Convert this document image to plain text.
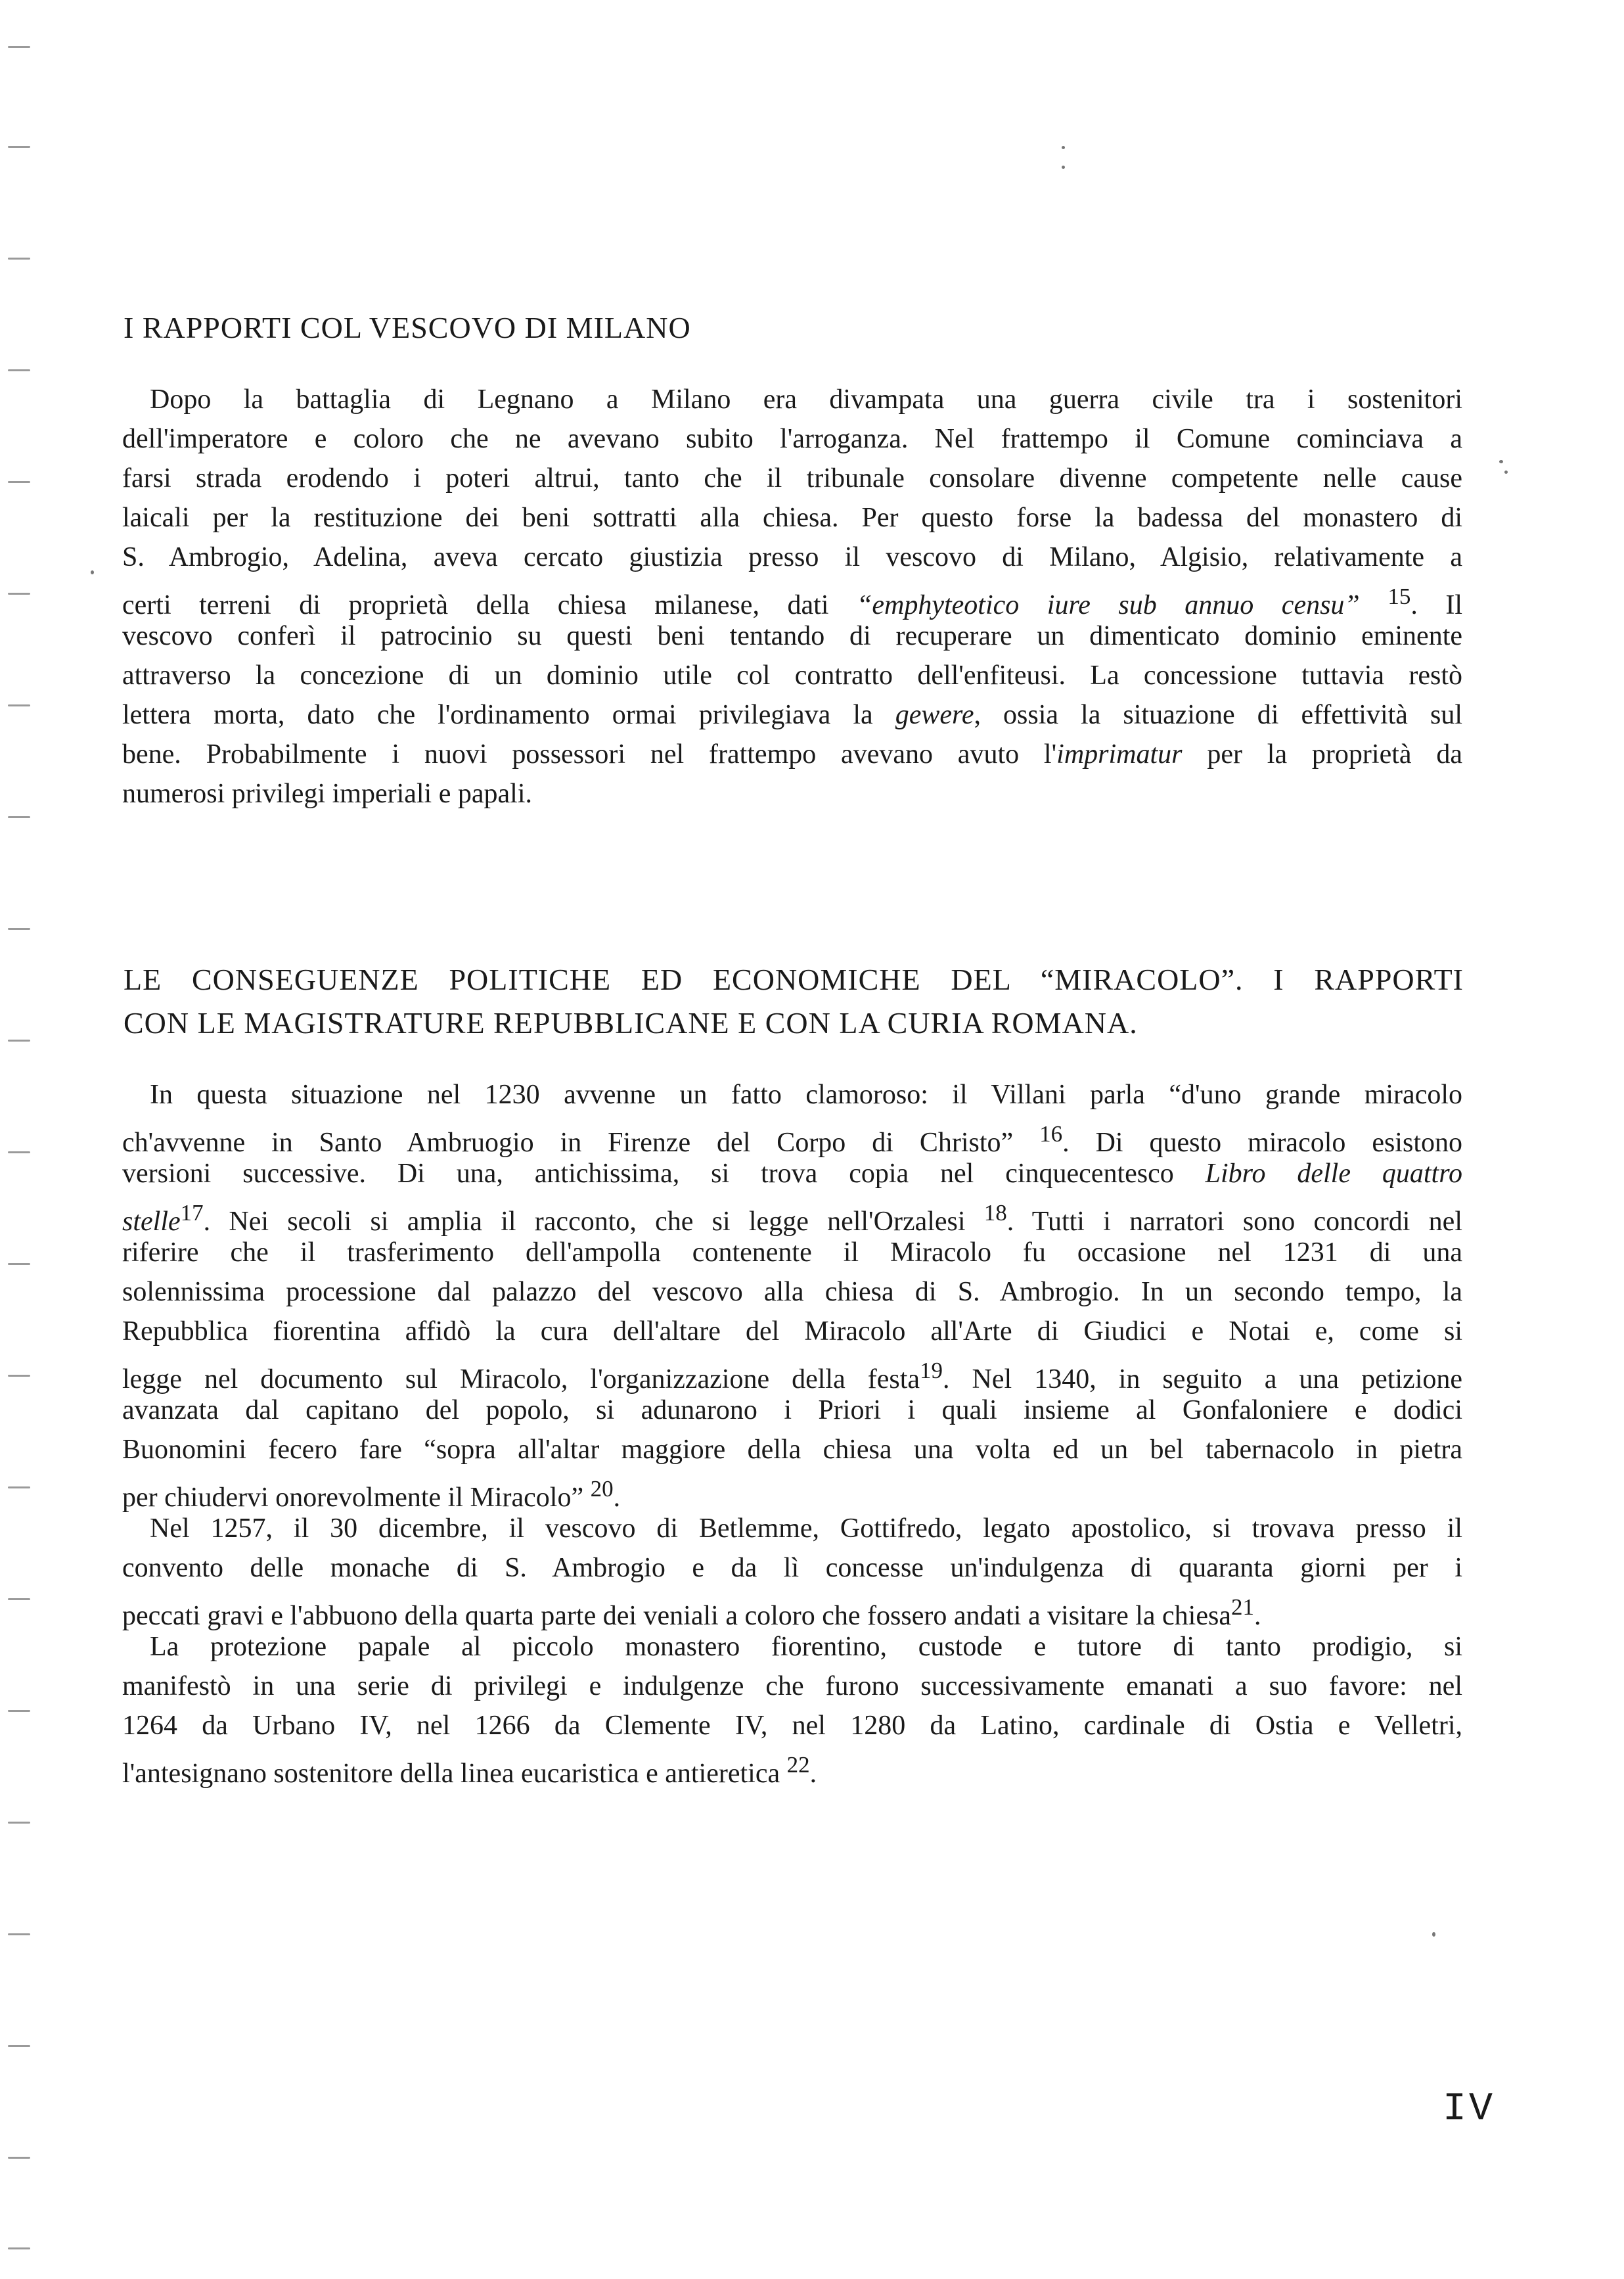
I RAPPORTI COL VESCOVO DI MILANO
Dopo la battaglia di Legnano a Milano era divampata una guerra civile tra i sostenitori
dell'imperatore e coloro che ne avevano subito l'arroganza. Nel frattempo il Comune cominciava a
farsi strada erodendo i poteri altrui, tanto che il tribunale consolare divenne competente nelle cause
laicali per la restituzione dei beni sottratti alla chiesa. Per questo forse la badessa del monastero di
S. Ambrogio, Adelina, aveva cercato giustizia presso il vescovo di Milano, Algisio, relativamente a
certi terreni di proprietà della chiesa milanese, dati “emphyteotico iure sub annuo censu” $^{15}$. Il
vescovo conferì il patrocinio su questi beni tentando di recuperare un dimenticato dominio eminente
attraverso la concezione di un dominio utile col contratto dell'enfiteusi. La concessione tuttavia restò
lettera morta, dato che l'ordinamento ormai privilegiava la gewere, ossia la situazione di effettività sul
bene. Probabilmente i nuovi possessori nel frattempo avevano avuto l'imprimatur per la proprietà da
numerosi privilegi imperiali e papali.
LE CONSEGUENZE POLITICHE ED ECONOMICHE DEL “MIRACOLO”. I RAPPORTI
CON LE MAGISTRATURE REPUBBLICANE E CON LA CURIA ROMANA.
In questa situazione nel 1230 avvenne un fatto clamoroso: il Villani parla “d'uno grande miracolo
ch'avvenne in Santo Ambruogio in Firenze del Corpo di Christo” $^{16}$. Di questo miracolo esistono
versioni successive. Di una, antichissima, si trova copia nel cinquecentesco Libro delle quattro
stelle$^{17}$. Nei secoli si amplia il racconto, che si legge nell'Orzalesi $^{18}$. Tutti i narratori sono concordi nel
riferire che il trasferimento dell'ampolla contenente il Miracolo fu occasione nel 1231 di una
solennissima processione dal palazzo del vescovo alla chiesa di S. Ambrogio. In un secondo tempo, la
Repubblica fiorentina affidò la cura dell'altare del Miracolo all'Arte di Giudici e Notai e, come si
legge nel documento sul Miracolo, l'organizzazione della festa$^{19}$. Nel 1340, in seguito a una petizione
avanzata dal capitano del popolo, si adunarono i Priori i quali insieme al Gonfaloniere e dodici
Buonomini fecero fare “sopra all'altar maggiore della chiesa una volta ed un bel tabernacolo in pietra
per chiudervi onorevolmente il Miracolo” $^{20}$.
Nel 1257, il 30 dicembre, il vescovo di Betlemme, Gottifredo, legato apostolico, si trovava presso il
convento delle monache di S. Ambrogio e da lì concesse un'indulgenza di quaranta giorni per i
peccati gravi e l'abbuono della quarta parte dei veniali a coloro che fossero andati a visitare la chiesa$^{21}$.
La protezione papale al piccolo monastero fiorentino, custode e tutore di tanto prodigio, si
manifestò in una serie di privilegi e indulgenze che furono successivamente emanati a suo favore: nel
1264 da Urbano IV, nel 1266 da Clemente IV, nel 1280 da Latino, cardinale di Ostia e Velletri,
l'antesignano sostenitore della linea eucaristica e antieretica $^{22}$.
IV
